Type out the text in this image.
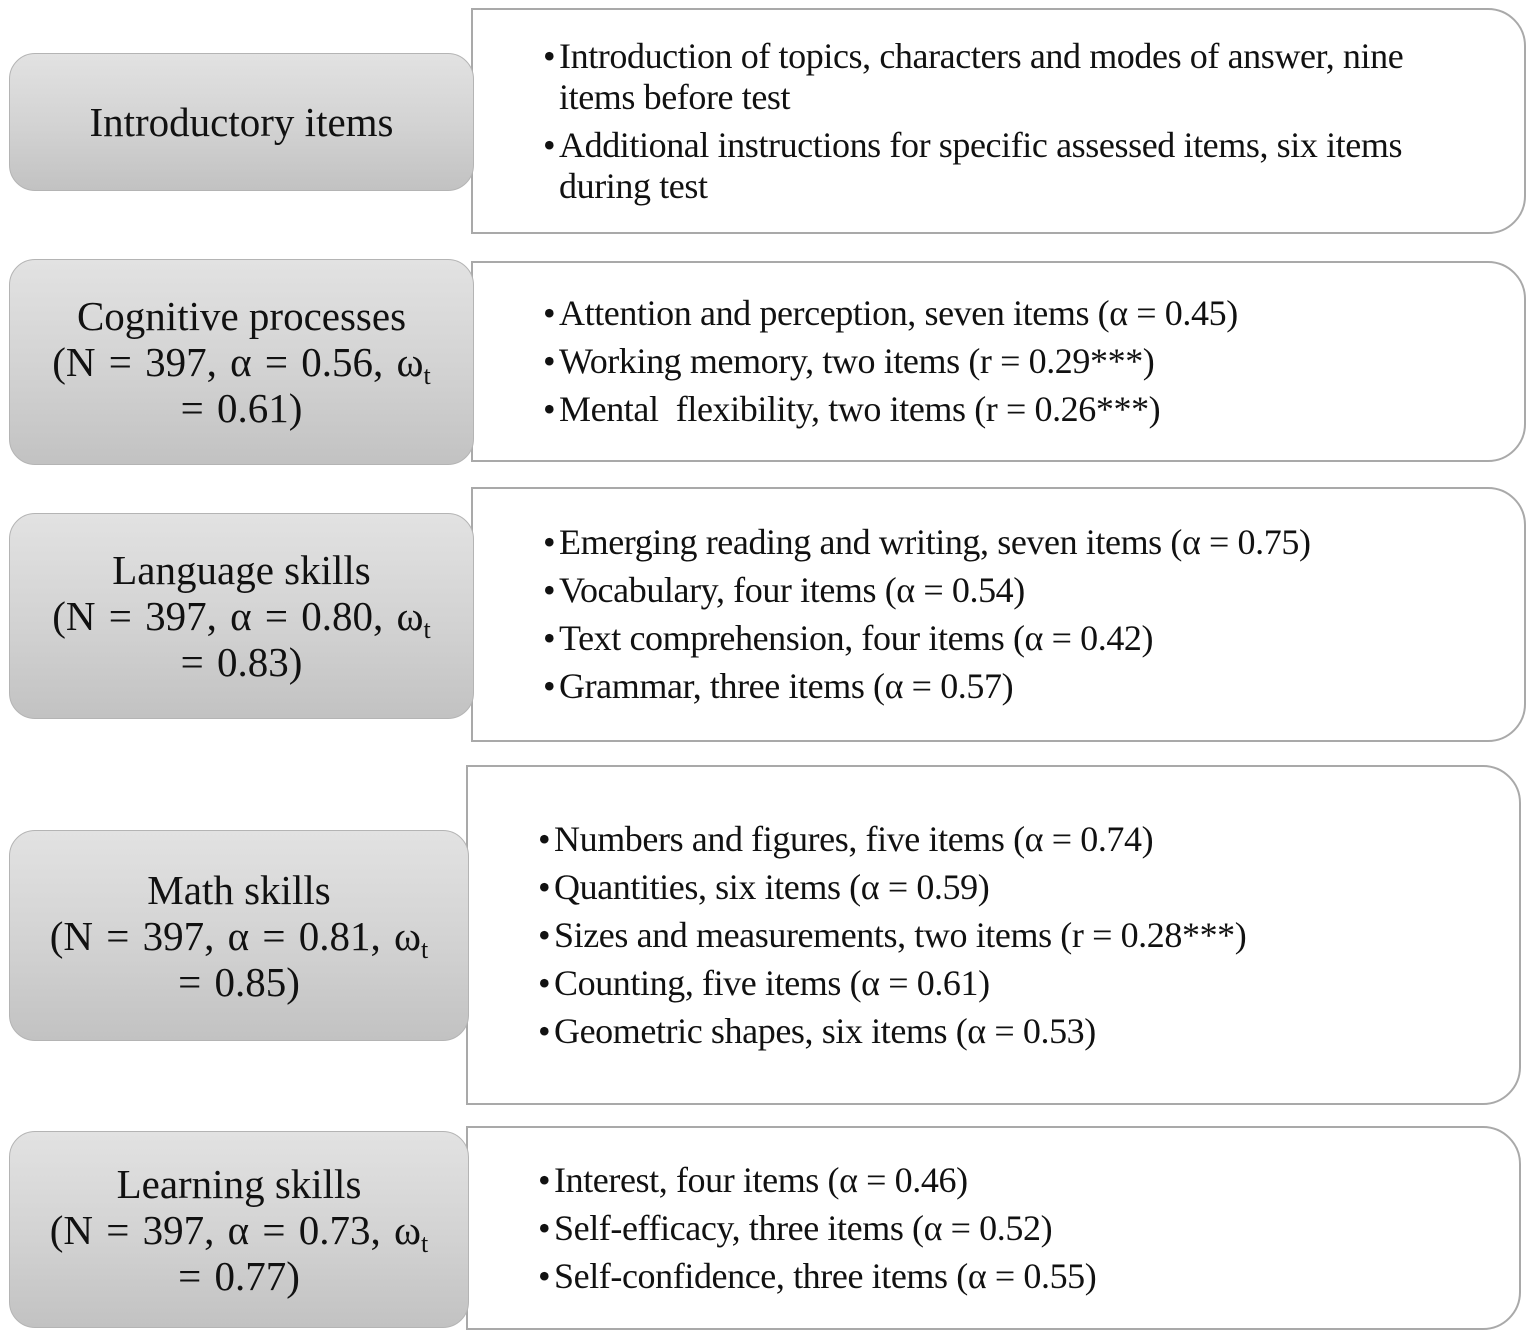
Introductory items
• Introduction of topics, characters and modes of answer, nine items before test
• Additional instructions for specific assessed items, six items during test
Cognitive processes
(N = 397, α = 0.56, $\omega_t$
= 0.61)
• Attention and perception, seven items (α = 0.45)
• Working memory, two items (r = 0.29***)
• Mental  flexibility, two items (r = 0.26***)
Language skills
(N = 397, α = 0.80, $\omega_t$
= 0.83)
• Emerging reading and writing, seven items (α = 0.75)
• Vocabulary, four items (α = 0.54)
• Text comprehension, four items (α = 0.42)
• Grammar, three items (α = 0.57)
Math skills
(N = 397, α = 0.81, $\omega_t$
= 0.85)
• Numbers and figures, five items (α = 0.74)
• Quantities, six items (α = 0.59)
• Sizes and measurements, two items (r = 0.28***)
• Counting, five items (α = 0.61)
• Geometric shapes, six items (α = 0.53)
Learning skills
(N = 397, α = 0.73, $\omega_t$
= 0.77)
• Interest, four items (α = 0.46)
• Self-efficacy, three items (α = 0.52)
• Self-confidence, three items (α = 0.55)
